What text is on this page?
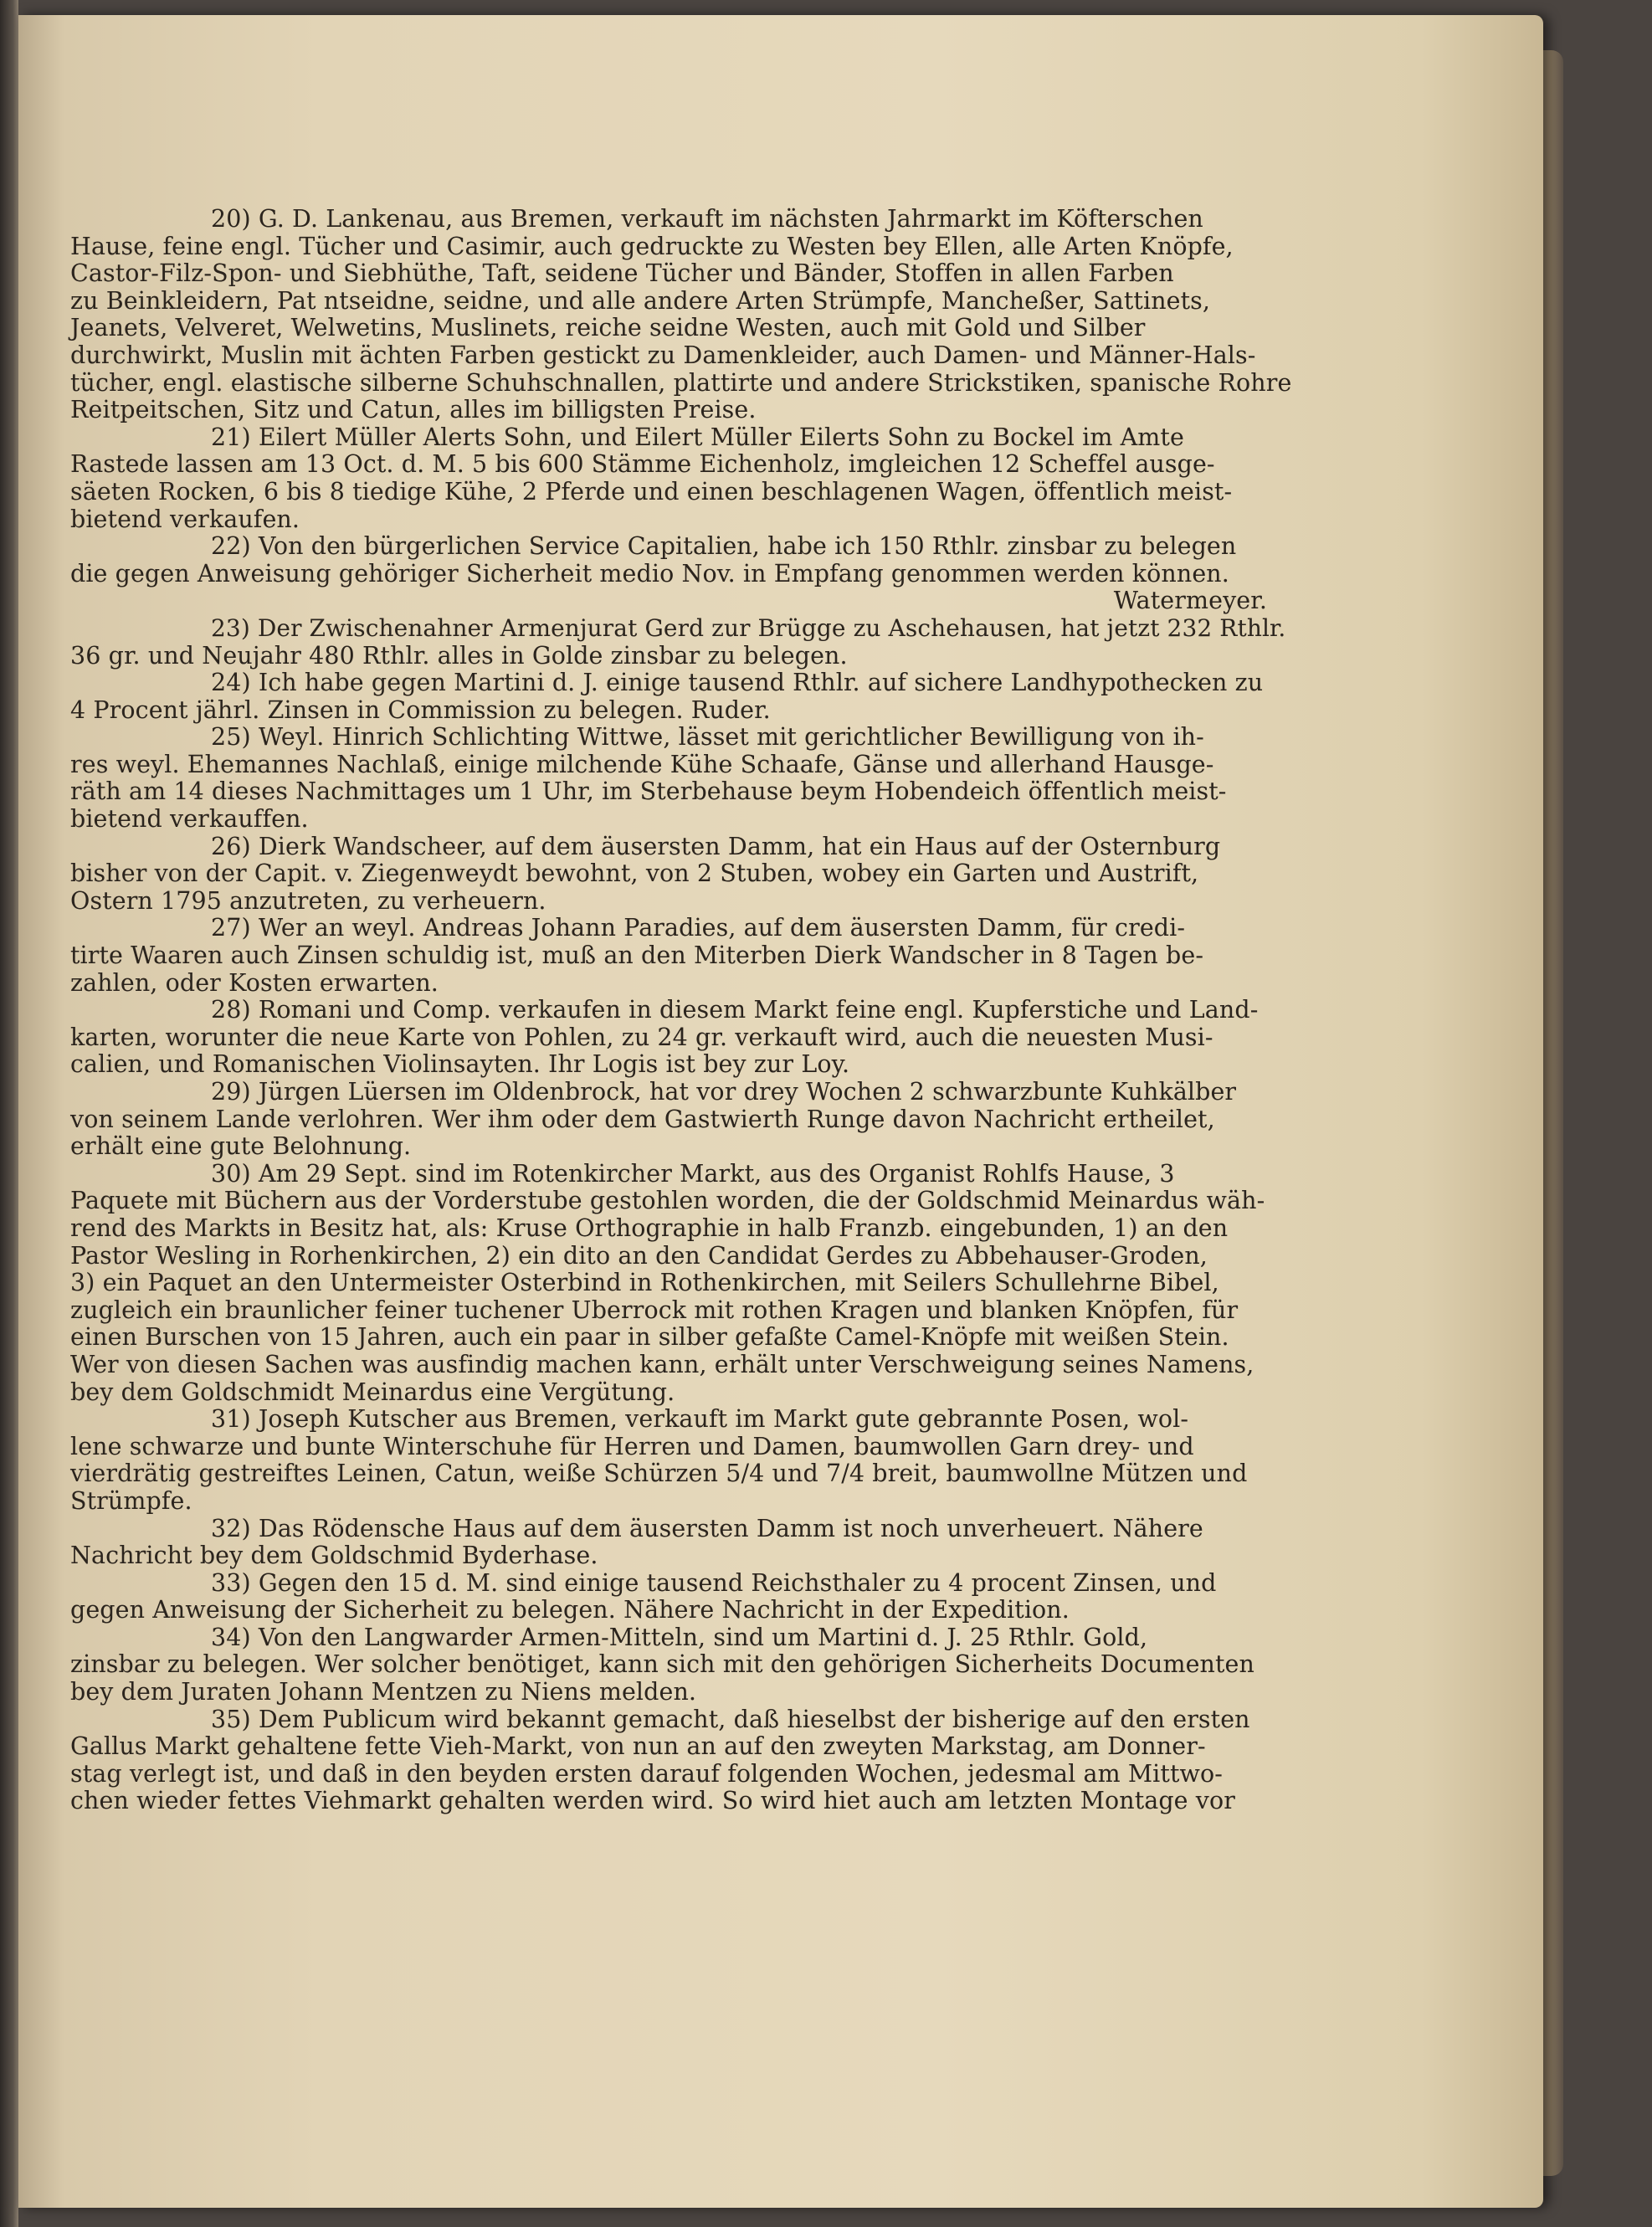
20) G. D. Lankenau, aus Bremen, verkauft im nächsten Jahrmarkt im Köfterschen
Hause, feine engl. Tücher und Casimir, auch gedruckte zu Westen bey Ellen, alle Arten Knöpfe,
Castor-Filz-Spon- und Siebhüthe, Taft, seidene Tücher und Bänder, Stoffen in allen Farben
zu Beinkleidern, Pat ntseidne, seidne, und alle andere Arten Strümpfe, Mancheßer, Sattinets,
Jeanets, Velveret, Welwetins, Muslinets, reiche seidne Westen, auch mit Gold und Silber
durchwirkt, Muslin mit ächten Farben gestickt zu Damenkleider, auch Damen- und Männer-Hals-
tücher, engl. elastische silberne Schuhschnallen, plattirte und andere Strickstiken, spanische Rohre
Reitpeitschen, Sitz und Catun, alles im billigsten Preise.
21) Eilert Müller Alerts Sohn, und Eilert Müller Eilerts Sohn zu Bockel im Amte
Rastede lassen am 13 Oct. d. M. 5 bis 600 Stämme Eichenholz, imgleichen 12 Scheffel ausge-
säeten Rocken, 6 bis 8 tiedige Kühe, 2 Pferde und einen beschlagenen Wagen, öffentlich meist-
bietend verkaufen.
22) Von den bürgerlichen Service Capitalien, habe ich 150 Rthlr. zinsbar zu belegen
die gegen Anweisung gehöriger Sicherheit medio Nov. in Empfang genommen werden können.
Watermeyer.
23) Der Zwischenahner Armenjurat Gerd zur Brügge zu Aschehausen, hat jetzt 232 Rthlr.
36 gr. und Neujahr 480 Rthlr. alles in Golde zinsbar zu belegen.
24) Ich habe gegen Martini d. J. einige tausend Rthlr. auf sichere Landhypothecken zu
4 Procent jährl. Zinsen in Commission zu belegen. Ruder.
25) Weyl. Hinrich Schlichting Wittwe, lässet mit gerichtlicher Bewilligung von ih-
res weyl. Ehemannes Nachlaß, einige milchende Kühe Schaafe, Gänse und allerhand Hausge-
räth am 14 dieses Nachmittages um 1 Uhr, im Sterbehause beym Hobendeich öffentlich meist-
bietend verkauffen.
26) Dierk Wandscheer, auf dem äusersten Damm, hat ein Haus auf der Osternburg
bisher von der Capit. v. Ziegenweydt bewohnt, von 2 Stuben, wobey ein Garten und Austrift,
Ostern 1795 anzutreten, zu verheuern.
27) Wer an weyl. Andreas Johann Paradies, auf dem äusersten Damm, für credi-
tirte Waaren auch Zinsen schuldig ist, muß an den Miterben Dierk Wandscher in 8 Tagen be-
zahlen, oder Kosten erwarten.
28) Romani und Comp. verkaufen in diesem Markt feine engl. Kupferstiche und Land-
karten, worunter die neue Karte von Pohlen, zu 24 gr. verkauft wird, auch die neuesten Musi-
calien, und Romanischen Violinsayten. Ihr Logis ist bey zur Loy.
29) Jürgen Lüersen im Oldenbrock, hat vor drey Wochen 2 schwarzbunte Kuhkälber
von seinem Lande verlohren. Wer ihm oder dem Gastwierth Runge davon Nachricht ertheilet,
erhält eine gute Belohnung.
30) Am 29 Sept. sind im Rotenkircher Markt, aus des Organist Rohlfs Hause, 3
Paquete mit Büchern aus der Vorderstube gestohlen worden, die der Goldschmid Meinardus wäh-
rend des Markts in Besitz hat, als: Kruse Orthographie in halb Franzb. eingebunden, 1) an den
Pastor Wesling in Rorhenkirchen, 2) ein dito an den Candidat Gerdes zu Abbehauser-Groden,
3) ein Paquet an den Untermeister Osterbind in Rothenkirchen, mit Seilers Schullehrne Bibel,
zugleich ein braunlicher feiner tuchener Uberrock mit rothen Kragen und blanken Knöpfen, für
einen Burschen von 15 Jahren, auch ein paar in silber gefaßte Camel-Knöpfe mit weißen Stein.
Wer von diesen Sachen was ausfindig machen kann, erhält unter Verschweigung seines Namens,
bey dem Goldschmidt Meinardus eine Vergütung.
31) Joseph Kutscher aus Bremen, verkauft im Markt gute gebrannte Posen, wol-
lene schwarze und bunte Winterschuhe für Herren und Damen, baumwollen Garn drey- und
vierdrätig gestreiftes Leinen, Catun, weiße Schürzen 5/4 und 7/4 breit, baumwollne Mützen und
Strümpfe.
32) Das Rödensche Haus auf dem äusersten Damm ist noch unverheuert. Nähere
Nachricht bey dem Goldschmid Byderhase.
33) Gegen den 15 d. M. sind einige tausend Reichsthaler zu 4 procent Zinsen, und
gegen Anweisung der Sicherheit zu belegen. Nähere Nachricht in der Expedition.
34) Von den Langwarder Armen-Mitteln, sind um Martini d. J. 25 Rthlr. Gold,
zinsbar zu belegen. Wer solcher benötiget, kann sich mit den gehörigen Sicherheits Documenten
bey dem Juraten Johann Mentzen zu Niens melden.
35) Dem Publicum wird bekannt gemacht, daß hieselbst der bisherige auf den ersten
Gallus Markt gehaltene fette Vieh-Markt, von nun an auf den zweyten Markstag, am Donner-
stag verlegt ist, und daß in den beyden ersten darauf folgenden Wochen, jedesmal am Mittwo-
chen wieder fettes Viehmarkt gehalten werden wird. So wird hiet auch am letzten Montage vor
